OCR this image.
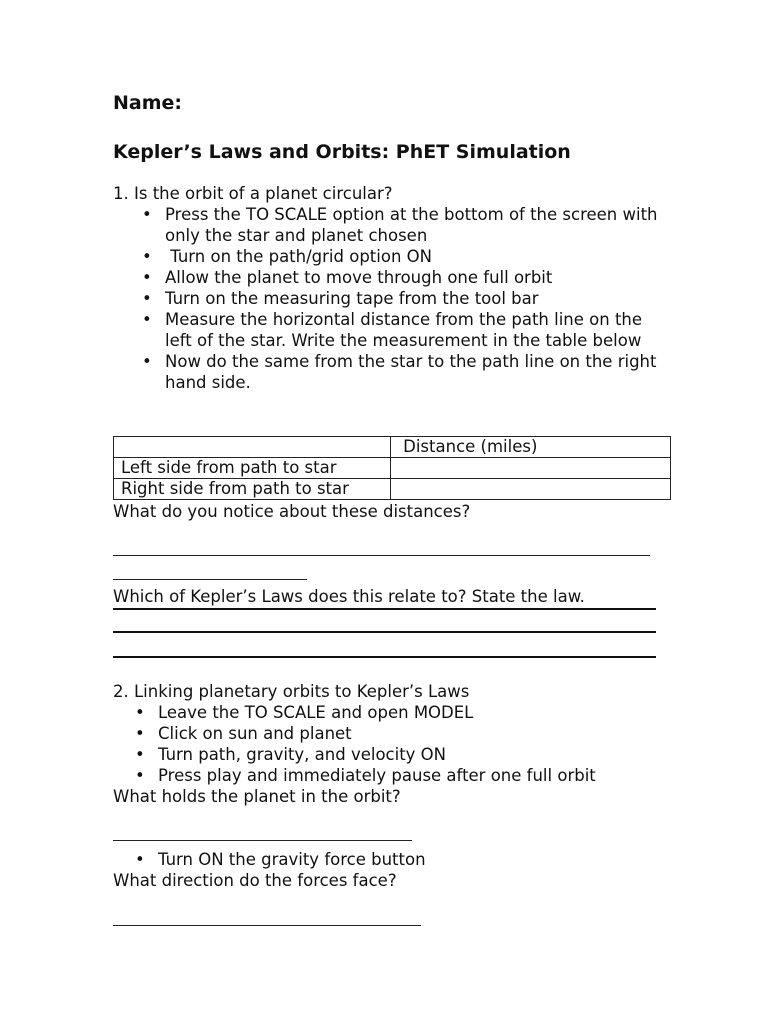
Name:
Kepler’s Laws and Orbits: PhET Simulation
1. Is the orbit of a planet circular?
• Press the TO SCALE option at the bottom of the screen with only the star and planet chosen
• Turn on the path/grid option ON
• Allow the planet to move through one full orbit
• Turn on the measuring tape from the tool bar
• Measure the horizontal distance from the path line on the left of the star. Write the measurement in the table below
• Now do the same from the star to the path line on the right hand side.
	Distance (miles)
Left side from path to star	
Right side from path to star	
What do you notice about these distances?
Which of Kepler’s Laws does this relate to? State the law.
2. Linking planetary orbits to Kepler’s Laws
• Leave the TO SCALE and open MODEL
• Click on sun and planet
• Turn path, gravity, and velocity ON
• Press play and immediately pause after one full orbit
What holds the planet in the orbit?
• Turn ON the gravity force button
What direction do the forces face?
